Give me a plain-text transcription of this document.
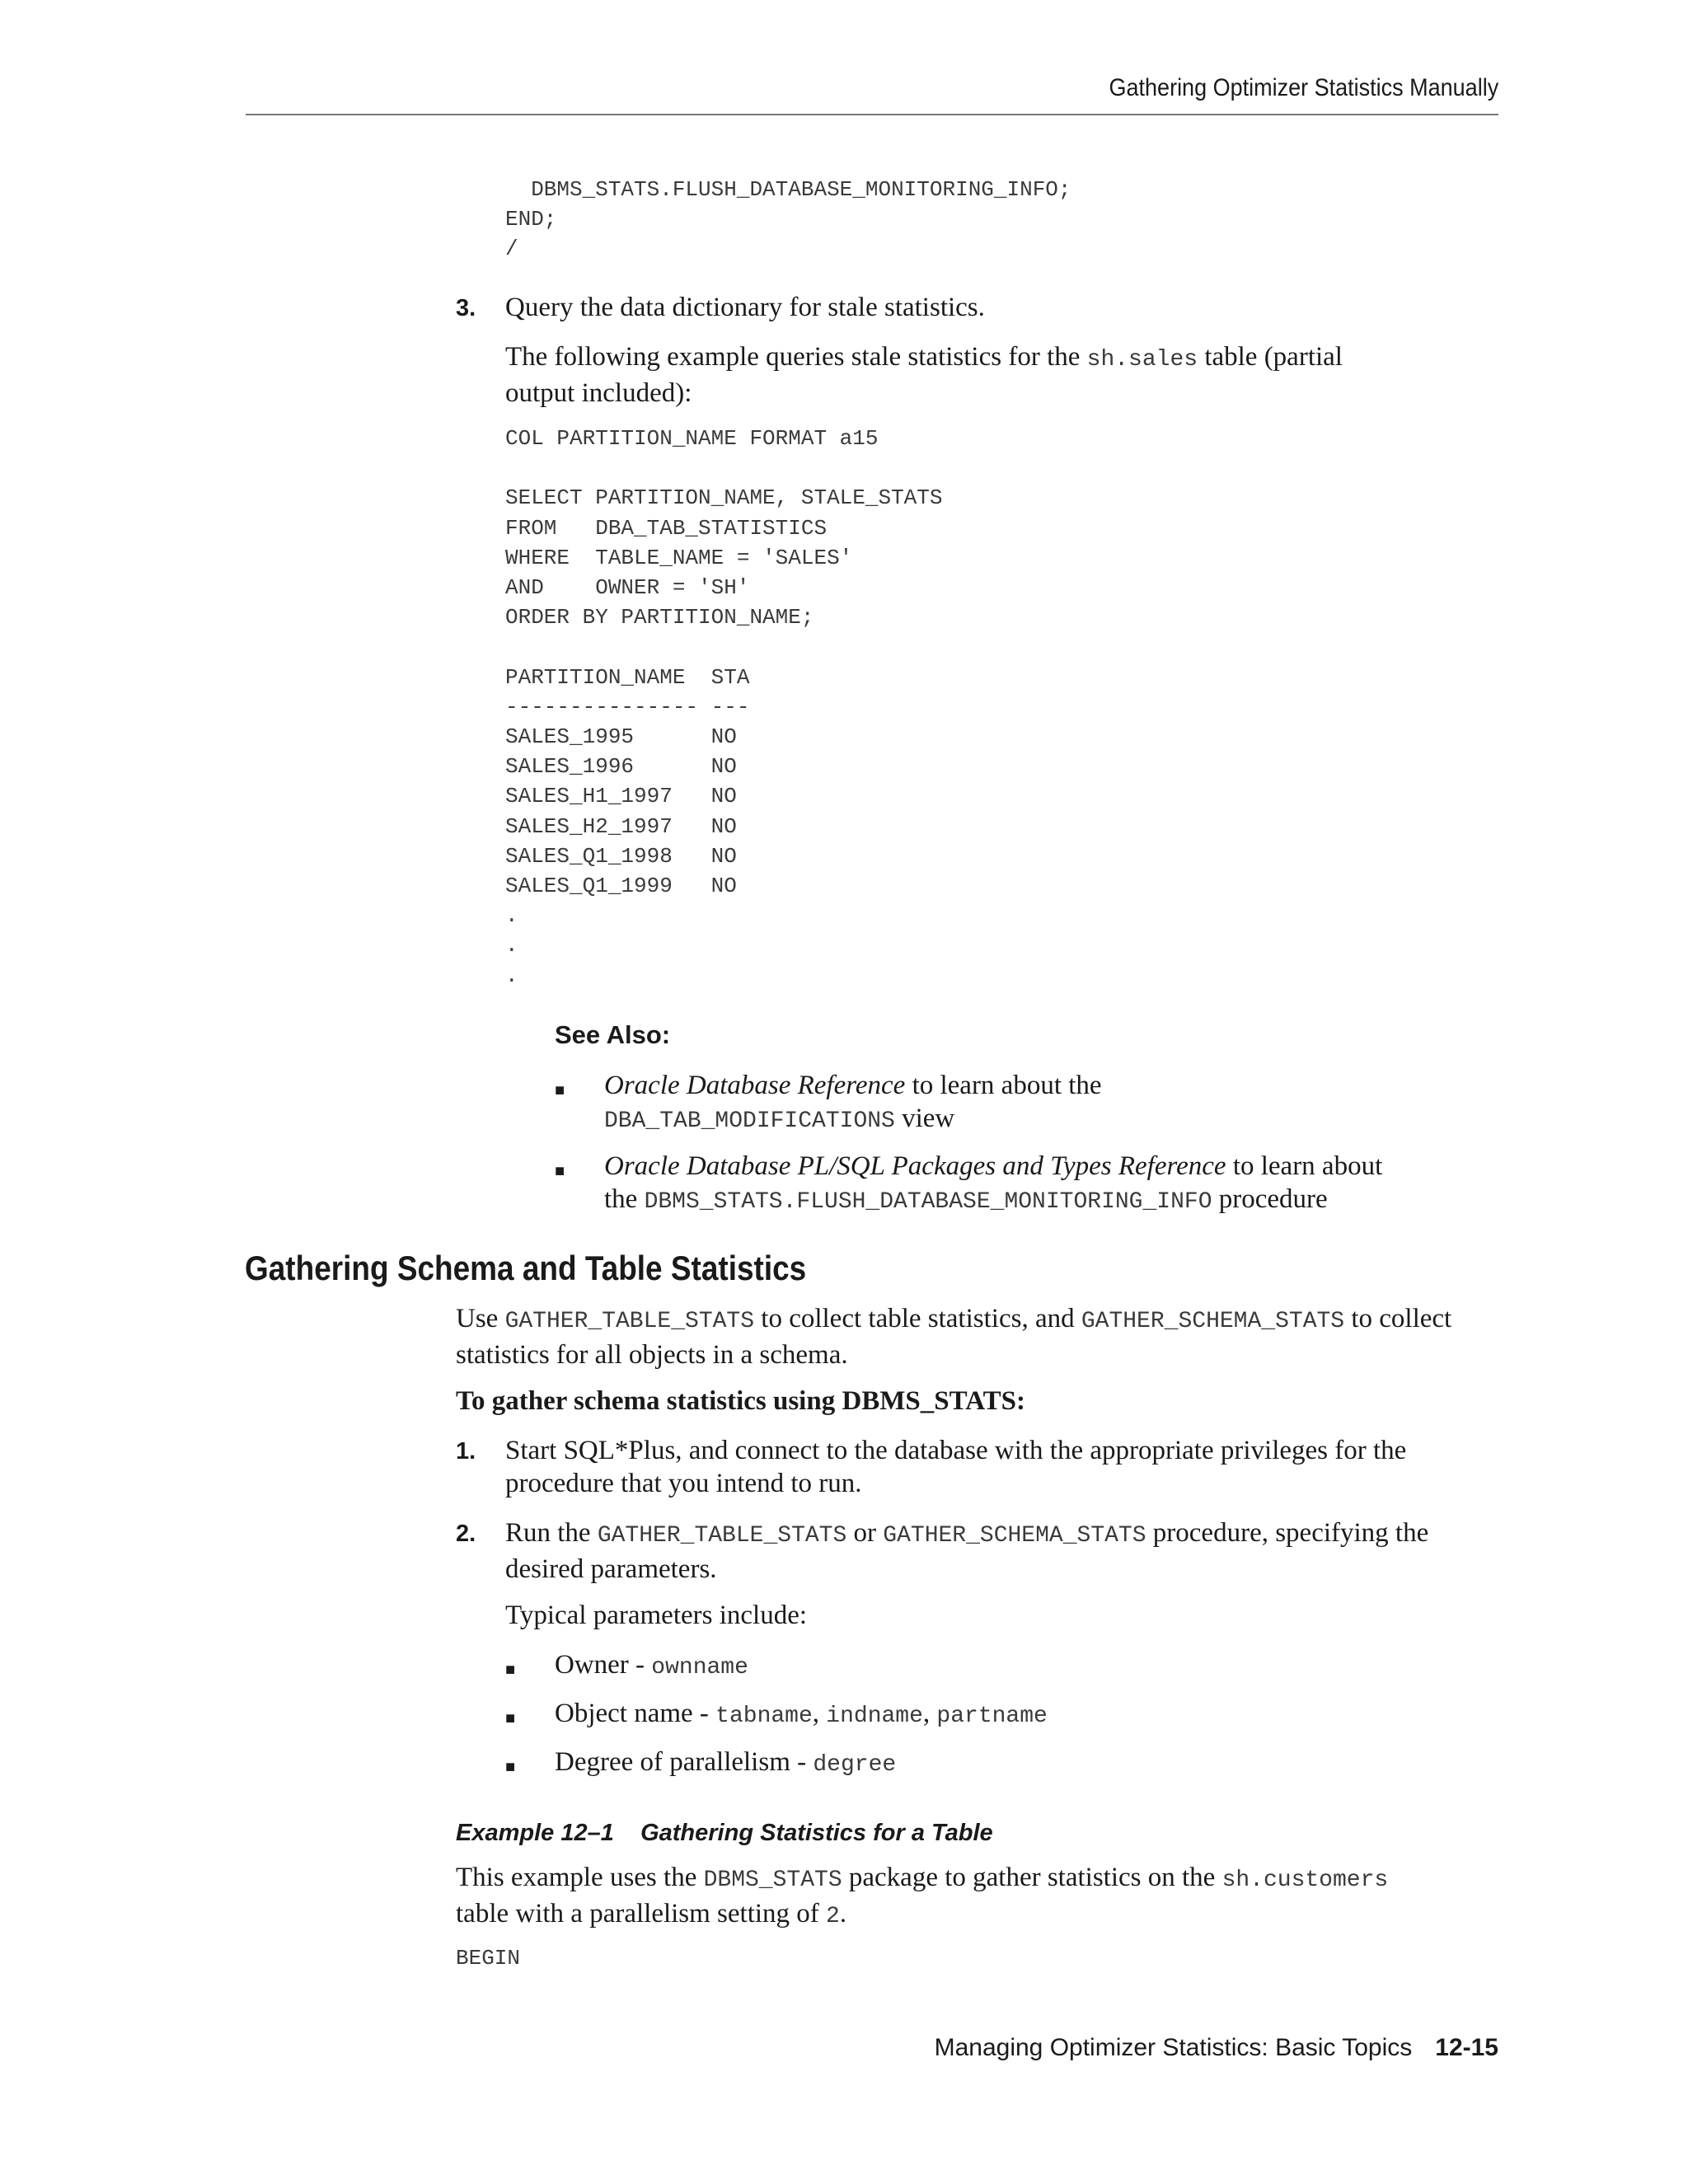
Gathering Optimizer Statistics Manually
DBMS_STATS.FLUSH_DATABASE_MONITORING_INFO;
END;
/
3. Query the data dictionary for stale statistics.
The following example queries stale statistics for the sh.sales table (partial
output included):
COL PARTITION_NAME FORMAT a15

SELECT PARTITION_NAME, STALE_STATS
FROM   DBA_TAB_STATISTICS
WHERE  TABLE_NAME = 'SALES'
AND    OWNER = 'SH'
ORDER BY PARTITION_NAME;

PARTITION_NAME  STA
--------------- ---
SALES_1995      NO
SALES_1996      NO
SALES_H1_1997   NO
SALES_H2_1997   NO
SALES_Q1_1998   NO
SALES_Q1_1999   NO
.
.
.
See Also:
■ Oracle Database Reference to learn about the
DBA_TAB_MODIFICATIONS view
■ Oracle Database PL/SQL Packages and Types Reference to learn about
the DBMS_STATS.FLUSH_DATABASE_MONITORING_INFO procedure
Gathering Schema and Table Statistics
Use GATHER_TABLE_STATS to collect table statistics, and GATHER_SCHEMA_STATS to collect
statistics for all objects in a schema.
To gather schema statistics using DBMS_STATS:
1. Start SQL*Plus, and connect to the database with the appropriate privileges for the
procedure that you intend to run.
2. Run the GATHER_TABLE_STATS or GATHER_SCHEMA_STATS procedure, specifying the
desired parameters.
Typical parameters include:
■ Owner - ownname
■ Object name - tabname, indname, partname
■ Degree of parallelism - degree
Example 12–1    Gathering Statistics for a Table
This example uses the DBMS_STATS package to gather statistics on the sh.customers
table with a parallelism setting of 2.
BEGIN
Managing Optimizer Statistics: Basic Topics 12-15
